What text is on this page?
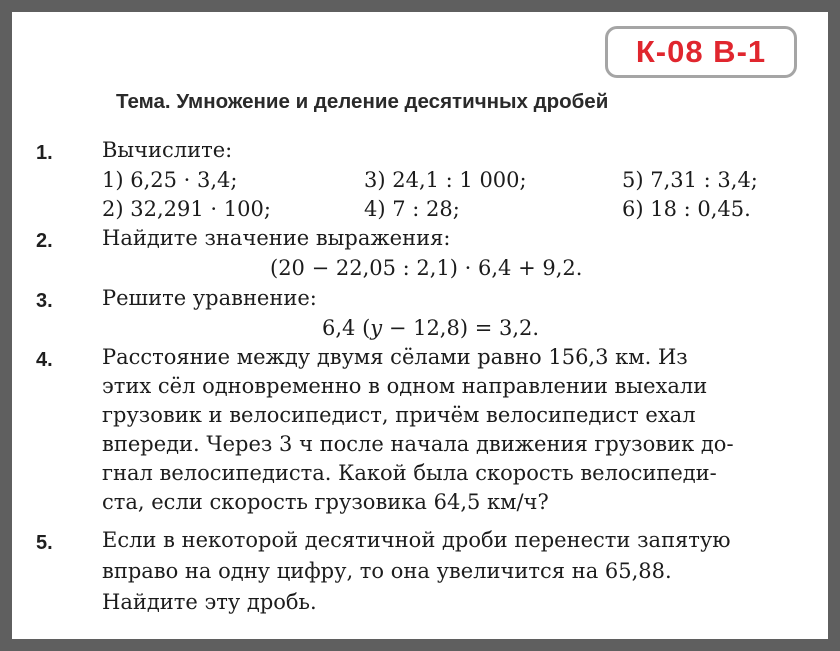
К-08 В-1
Тема. Умножение и деление десятичных дробей
1. Вычислите:
1) 6,25 · 3,4;	3) 24,1 : 1 000;	5) 7,31 : 3,4;
2) 32,291 · 100;	4) 7 : 28;	6) 18 : 0,45.
2. Найдите значение выражения:
(20 − 22,05 : 2,1) · 6,4 + 9,2.
3. Решите уравнение:
6,4 (y − 12,8) = 3,2.
4. Расстояние между двумя сёлами равно 156,3 км. Из
этих сёл одновременно в одном направлении выехали
грузовик и велосипедист, причём велосипедист ехал
впереди. Через 3 ч после начала движения грузовик до-
гнал велосипедиста. Какой была скорость велосипеди-
ста, если скорость грузовика 64,5 км/ч?
5. Если в некоторой десятичной дроби перенести запятую
вправо на одну цифру, то она увеличится на 65,88.
Найдите эту дробь.
